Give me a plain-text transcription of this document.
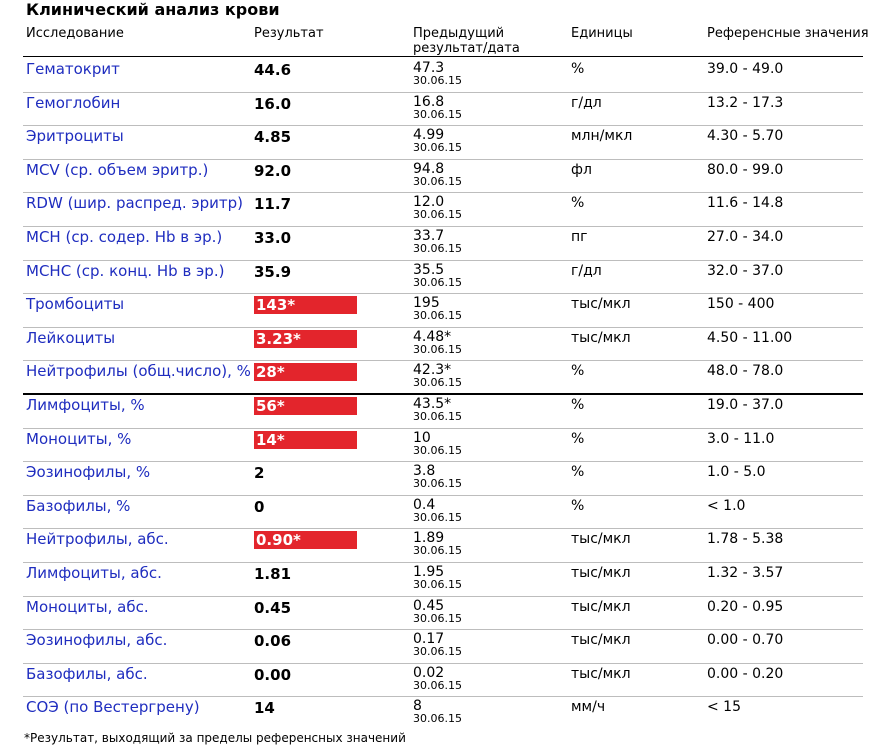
Клинический анализ крови
Исследование	Результат	Предыдущий
результат/дата
Единицы	Референсные значения
Гематокрит	44.6	47.3
30.06.15
%	39.0 - 49.0
Гемоглобин	16.0	16.8
30.06.15
г/дл	13.2 - 17.3
Эритроциты	4.85	4.99
30.06.15
млн/мкл	4.30 - 5.70
MCV (ср. объем эритр.)	92.0	94.8
30.06.15
фл	80.0 - 99.0
RDW (шир. распред. эритр) 11.7	12.0
30.06.15
%	11.6 - 14.8
MCH (ср. содер. Hb в эр.)	33.0	33.7
30.06.15
пг	27.0 - 34.0
MCHC (ср. конц. Hb в эр.)	35.9	35.5
30.06.15
г/дл	32.0 - 37.0
Тромбоциты	143*	195
30.06.15
тыс/мкл	150 - 400
Лейкоциты	3.23*	4.48*
30.06.15
тыс/мкл	4.50 - 11.00
Нейтрофилы (общ.число), % 28*	42.3*
30.06.15
%	48.0 - 78.0
Лимфоциты, %	56*	43.5*
30.06.15
%	19.0 - 37.0
Моноциты, %	14*	10
30.06.15
%	3.0 - 11.0
Эозинофилы, %	2	3.8
30.06.15
%	1.0 - 5.0
Базофилы, %	0	0.4
30.06.15
%	< 1.0
Нейтрофилы, абс.	0.90*	1.89
30.06.15
тыс/мкл	1.78 - 5.38
Лимфоциты, абс.	1.81	1.95
30.06.15
тыс/мкл	1.32 - 3.57
Моноциты, абс.	0.45	0.45
30.06.15
тыс/мкл	0.20 - 0.95
Эозинофилы, абс.	0.06	0.17
30.06.15
тыс/мкл	0.00 - 0.70
Базофилы, абс.	0.00	0.02
30.06.15
тыс/мкл	0.00 - 0.20
СОЭ (по Вестергрену)	14	8
30.06.15
мм/ч	< 15
*Результат, выходящий за пределы референсных значений
